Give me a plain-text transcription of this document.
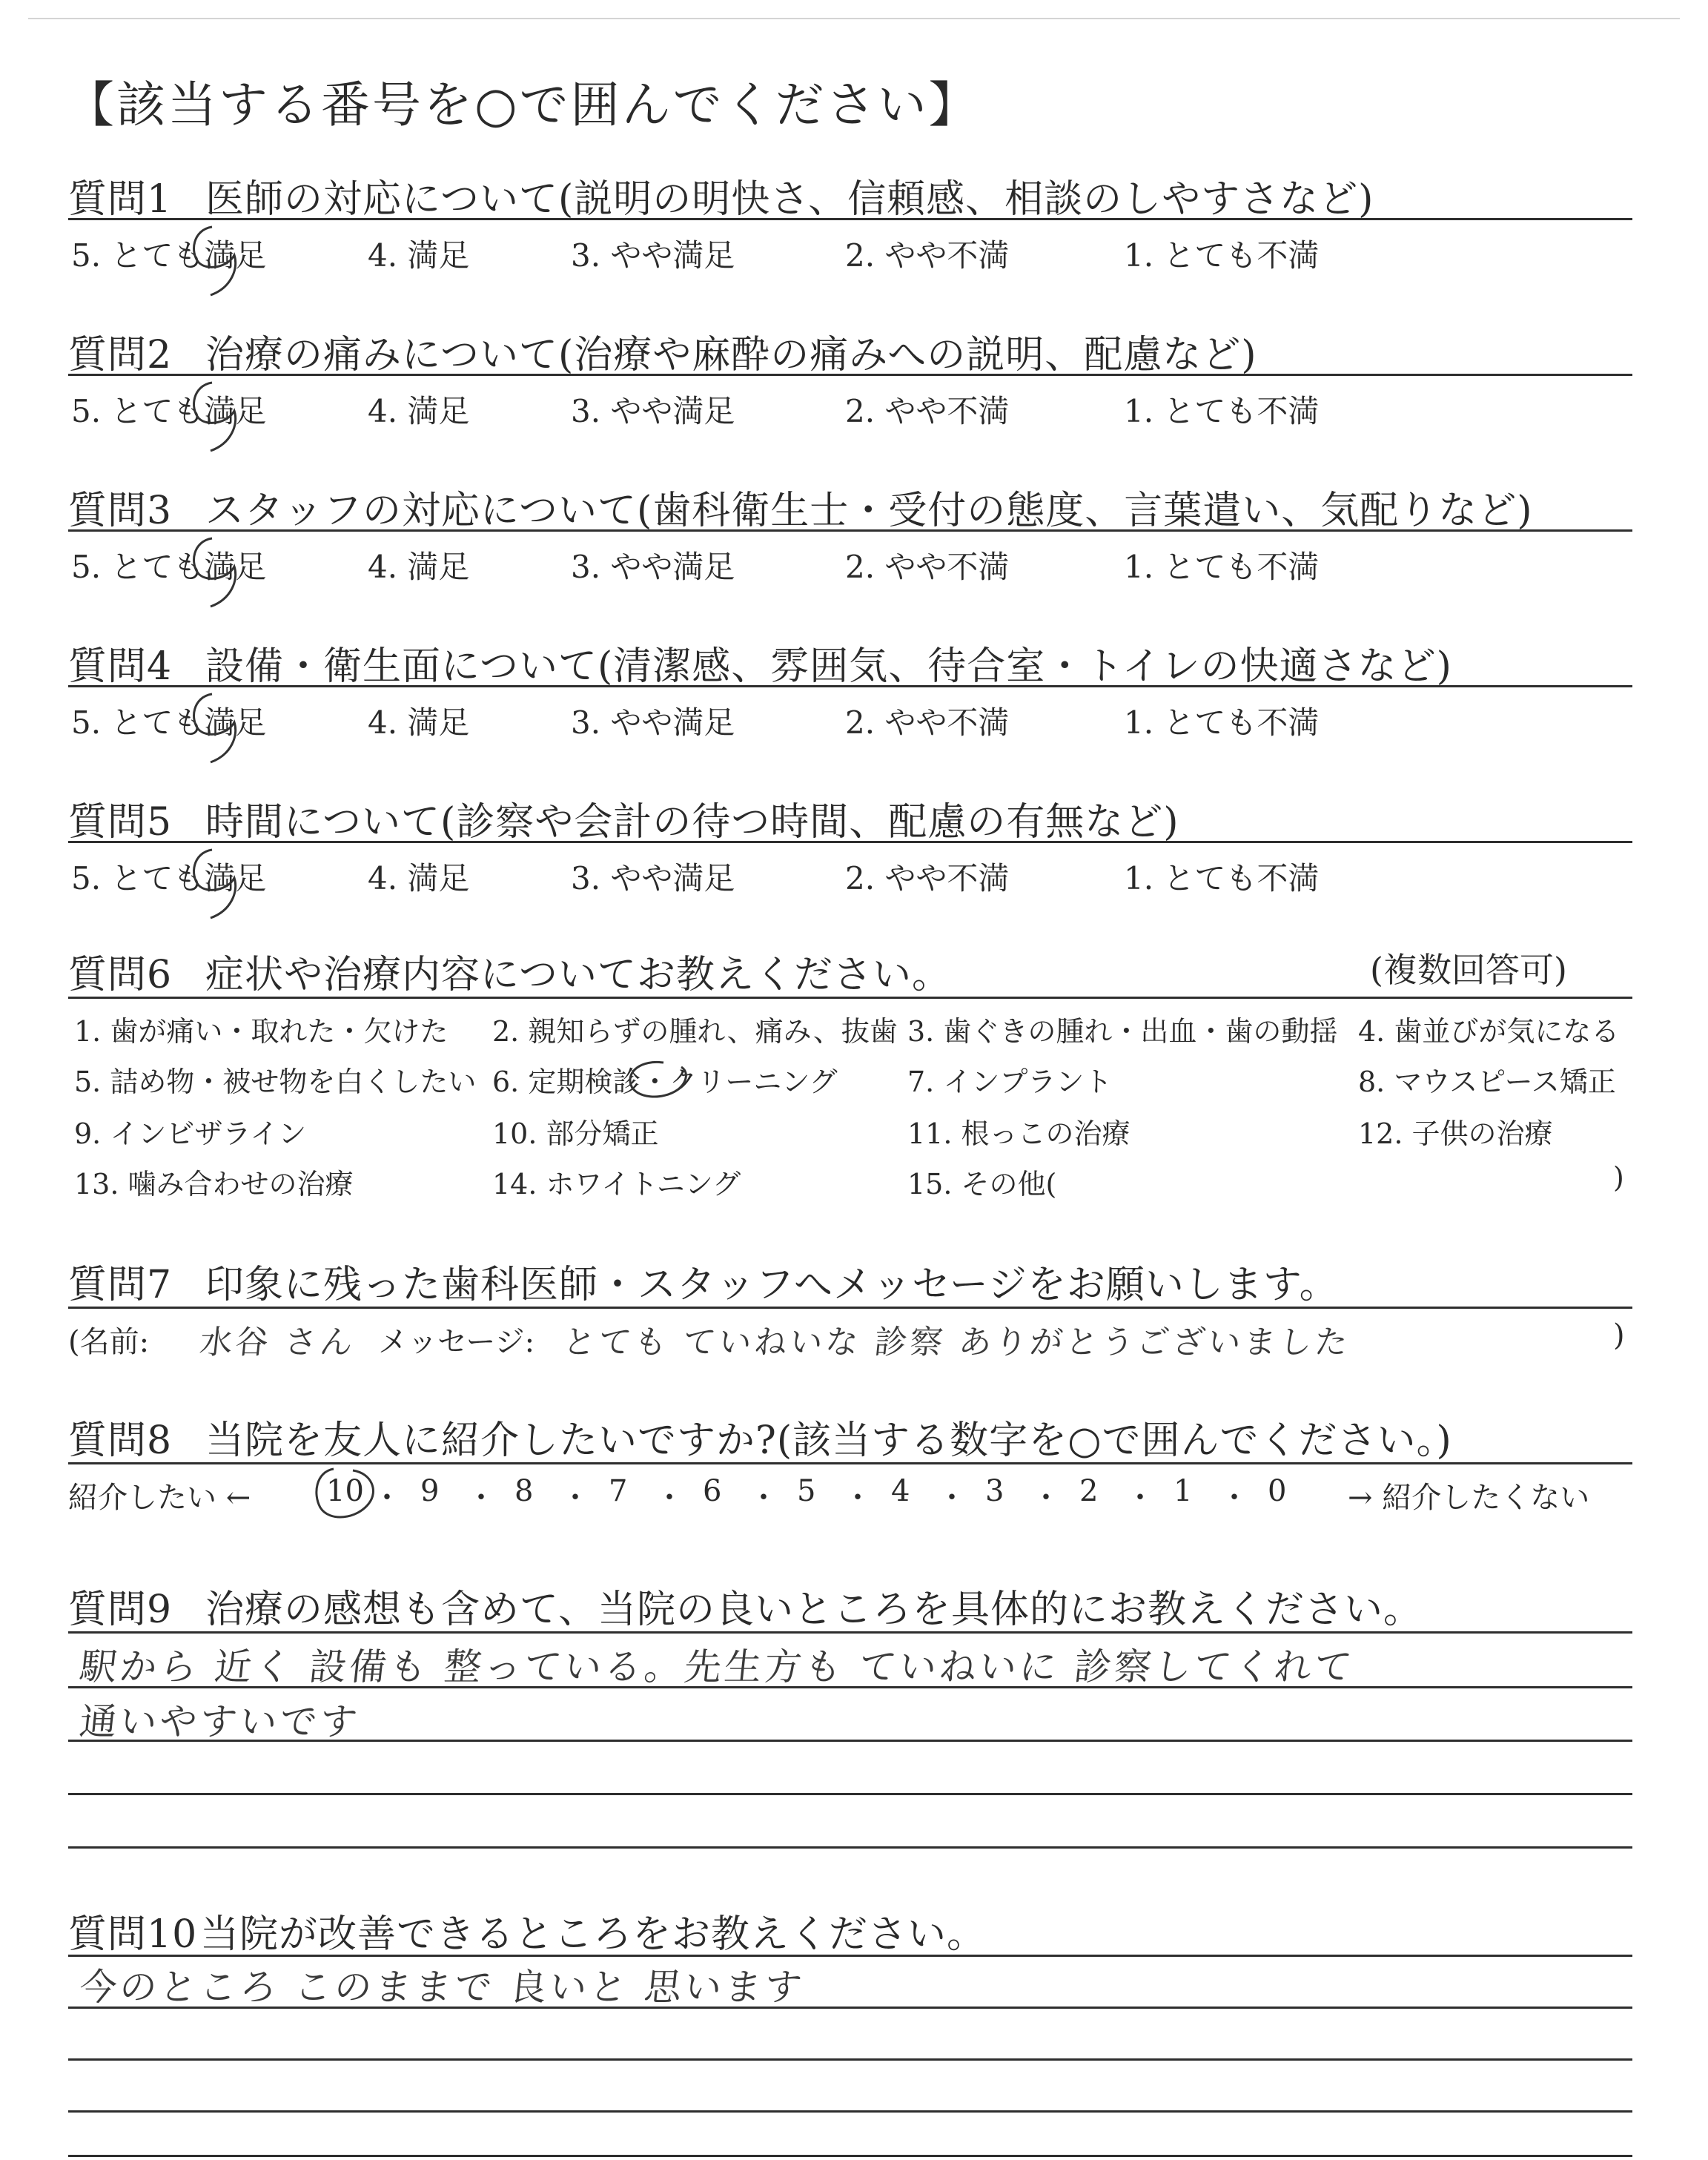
【該当する番号を○で囲んでください】
質問1 医師の対応について(説明の明快さ、信頼感、相談のしやすさなど)
5. とても満足	4. 満足	3. やや満足	2. やや不満	1. とても不満
質問2 治療の痛みについて(治療や麻酔の痛みへの説明、配慮など)
5. とても満足	4. 満足	3. やや満足	2. やや不満	1. とても不満
質問3 スタッフの対応について(歯科衛生士・受付の態度、言葉遣い、気配りなど)
5. とても満足	4. 満足	3. やや満足	2. やや不満	1. とても不満
質問4 設備・衛生面について(清潔感、雰囲気、待合室・トイレの快適さなど)
5. とても満足	4. 満足	3. やや満足	2. やや不満	1. とても不満
質問5 時間について(診察や会計の待つ時間、配慮の有無など)
5. とても満足	4. 満足	3. やや満足	2. やや不満	1. とても不満
質問6 症状や治療内容についてお教えください。	(複数回答可)
1. 歯が痛い・取れた・欠けた 2. 親知らずの腫れ、痛み、抜歯 3. 歯ぐきの腫れ・出血・歯の動揺 4. 歯並びが気になる
5. 詰め物・被せ物を白くしたい 6. 定期検診・クリーニング 7. インプラント	8. マウスピース矯正
9. インビザライン	10. 部分矯正	11. 根っこの治療	12. 子供の治療
13. 噛み合わせの治療	14. ホワイトニング	15. その他(	)
質問7 印象に残った歯科医師・スタッフへメッセージをお願いします。
(名前: 水谷 さん メッセージ: とても ていねいな 診察 ありがとうございました	)
質問8 当院を友人に紹介したいですか?(該当する数字を○で囲んでください。)
紹介したい ←	10 ・ 9 ・ 8 ・ 7 ・ 6 ・ 5 ・ 4 ・ 3 ・ 2 ・ 1 ・ 0 → 紹介したくない
質問9 治療の感想も含めて、当院の良いところを具体的にお教えください。
駅から 近く 設備も 整っている。先生方も ていねいに 診察してくれて
通いやすいです
質問10当院が改善できるところをお教えください。
今のところ このままで 良いと 思います
